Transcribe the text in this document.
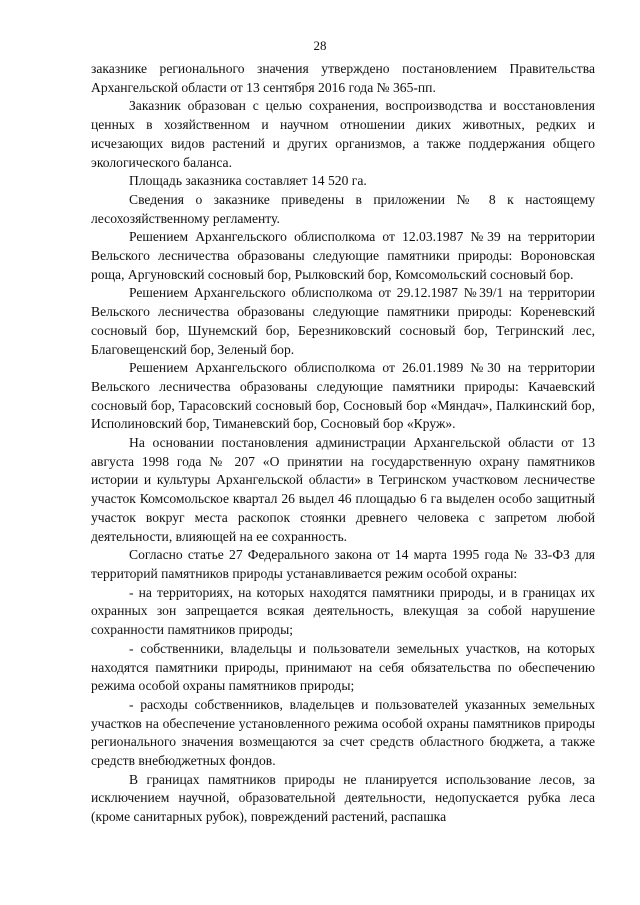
28

заказнике регионального значения утверждено постановлением Правительства Архангельской области от 13 сентября 2016 года № 365-пп.

Заказник образован с целью сохранения, воспроизводства и восстановления ценных в хозяйственном и научном отношении диких животных, редких и исчезающих видов растений и других организмов, а также поддержания общего экологического баланса.

Площадь заказника составляет 14 520 га.

Сведения о заказнике приведены в приложении № 8 к настоящему лесохозяйственному регламенту.

Решением Архангельского облисполкома от 12.03.1987 №39 на территории Вельского лесничества образованы следующие памятники природы: Вороновская роща, Аргуновский сосновый бор, Рылковский бор, Комсомольский сосновый бор.

Решением Архангельского облисполкома от 29.12.1987 №39/1 на территории Вельского лесничества образованы следующие памятники природы: Кореневский сосновый бор, Шунемский бор, Березниковский сосновый бор, Тегринский лес, Благовещенский бор, Зеленый бор.

Решением Архангельского облисполкома от 26.01.1989 №30 на территории Вельского лесничества образованы следующие памятники природы: Качаевский сосновый бор, Тарасовский сосновый бор, Сосновый бор «Мяндач», Палкинский бор, Исполиновский бор, Тиманевский бор, Сосновый бор «Круж».

На основании постановления администрации Архангельской области от 13 августа 1998 года № 207 «О принятии на государственную охрану памятников истории и культуры Архангельской области» в Тегринском участковом лесничестве участок Комсомольское квартал 26 выдел 46 площадью 6 га выделен особо защитный участок вокруг места раскопок стоянки древнего человека с запретом любой деятельности, влияющей на ее сохранность.

Согласно статье 27 Федерального закона от 14 марта 1995 года № 33-ФЗ для территорий памятников природы устанавливается режим особой охраны:

- на территориях, на которых находятся памятники природы, и в границах их охранных зон запрещается всякая деятельность, влекущая за собой нарушение сохранности памятников природы;

- собственники, владельцы и пользователи земельных участков, на которых находятся памятники природы, принимают на себя обязательства по обеспечению режима особой охраны памятников природы;

- расходы собственников, владельцев и пользователей указанных земельных участков на обеспечение установленного режима особой охраны памятников природы регионального значения возмещаются за счет средств областного бюджета, а также средств внебюджетных фондов.

В границах памятников природы не планируется использование лесов, за исключением научной, образовательной деятельности, недопускается рубка леса (кроме санитарных рубок), повреждений растений, распашка
